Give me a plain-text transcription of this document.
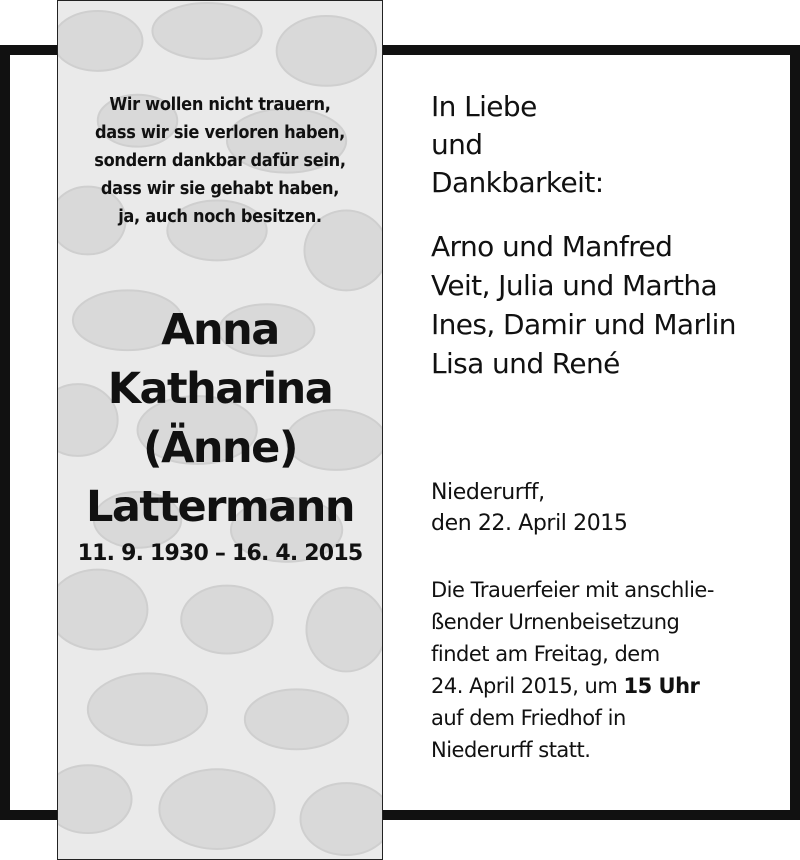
Wir wollen nicht trauern,
dass wir sie verloren haben,
sondern dankbar dafür sein,
dass wir sie gehabt haben,
ja, auch noch besitzen.
Anna
Katharina
(Änne)
Lattermann
11. 9. 1930 – 16. 4. 2015
In Liebe
und
Dankbarkeit:
Arno und Manfred
Veit, Julia und Martha
Ines, Damir und Marlin
Lisa und René
Niederurff,
den 22. April 2015
Die Trauerfeier mit anschlie-
ßender Urnenbeisetzung
findet am Freitag, dem
24. April 2015, um 15 Uhr
auf dem Friedhof in
Niederurff statt.
